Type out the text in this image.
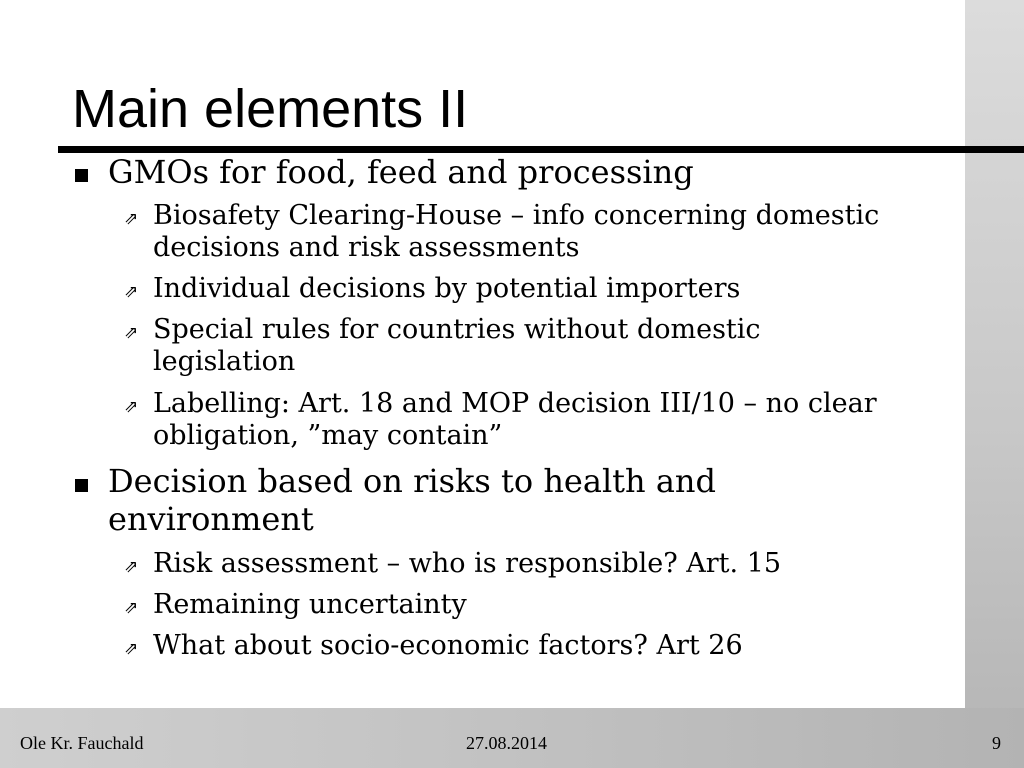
Main elements II
GMOs for food, feed and processing
⇗ Biosafety Clearing-House – info concerning domestic decisions and risk assessments
⇗ Individual decisions by potential importers
⇗ Special rules for countries without domestic legislation
⇗ Labelling: Art. 18 and MOP decision III/10 – no clear obligation, ”may contain”
Decision based on risks to health and environment
⇗ Risk assessment – who is responsible? Art. 15
⇗ Remaining uncertainty
⇗ What about socio-economic factors? Art 26
Ole Kr. Fauchald	27.08.2014	9
